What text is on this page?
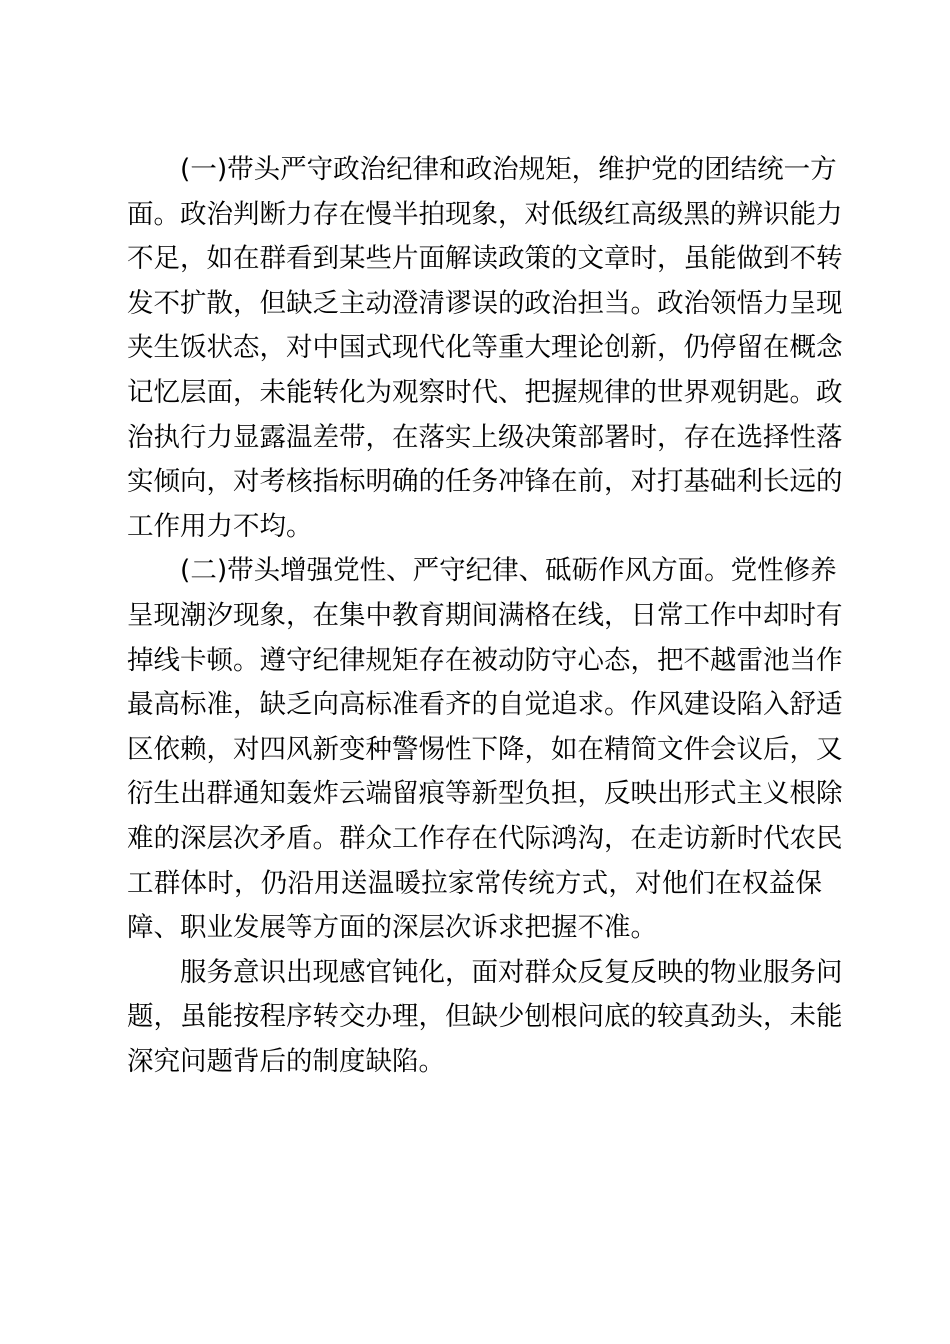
(一)带头严守政治纪律和政治规矩，维护党的团结统一方
面。政治判断力存在慢半拍现象，对低级红高级黑的辨识能力
不足，如在群看到某些片面解读政策的文章时，虽能做到不转
发不扩散，但缺乏主动澄清谬误的政治担当。政治领悟力呈现
夹生饭状态，对中国式现代化等重大理论创新，仍停留在概念
记忆层面，未能转化为观察时代、把握规律的世界观钥匙。政
治执行力显露温差带，在落实上级决策部署时，存在选择性落
实倾向，对考核指标明确的任务冲锋在前，对打基础利长远的
工作用力不均。
(二)带头增强党性、严守纪律、砥砺作风方面。党性修养
呈现潮汐现象，在集中教育期间满格在线，日常工作中却时有
掉线卡顿。遵守纪律规矩存在被动防守心态，把不越雷池当作
最高标准，缺乏向高标准看齐的自觉追求。作风建设陷入舒适
区依赖，对四风新变种警惕性下降，如在精简文件会议后，又
衍生出群通知轰炸云端留痕等新型负担，反映出形式主义根除
难的深层次矛盾。群众工作存在代际鸿沟，在走访新时代农民
工群体时，仍沿用送温暖拉家常传统方式，对他们在权益保
障、职业发展等方面的深层次诉求把握不准。
服务意识出现感官钝化，面对群众反复反映的物业服务问
题，虽能按程序转交办理，但缺少刨根问底的较真劲头，未能
深究问题背后的制度缺陷。
